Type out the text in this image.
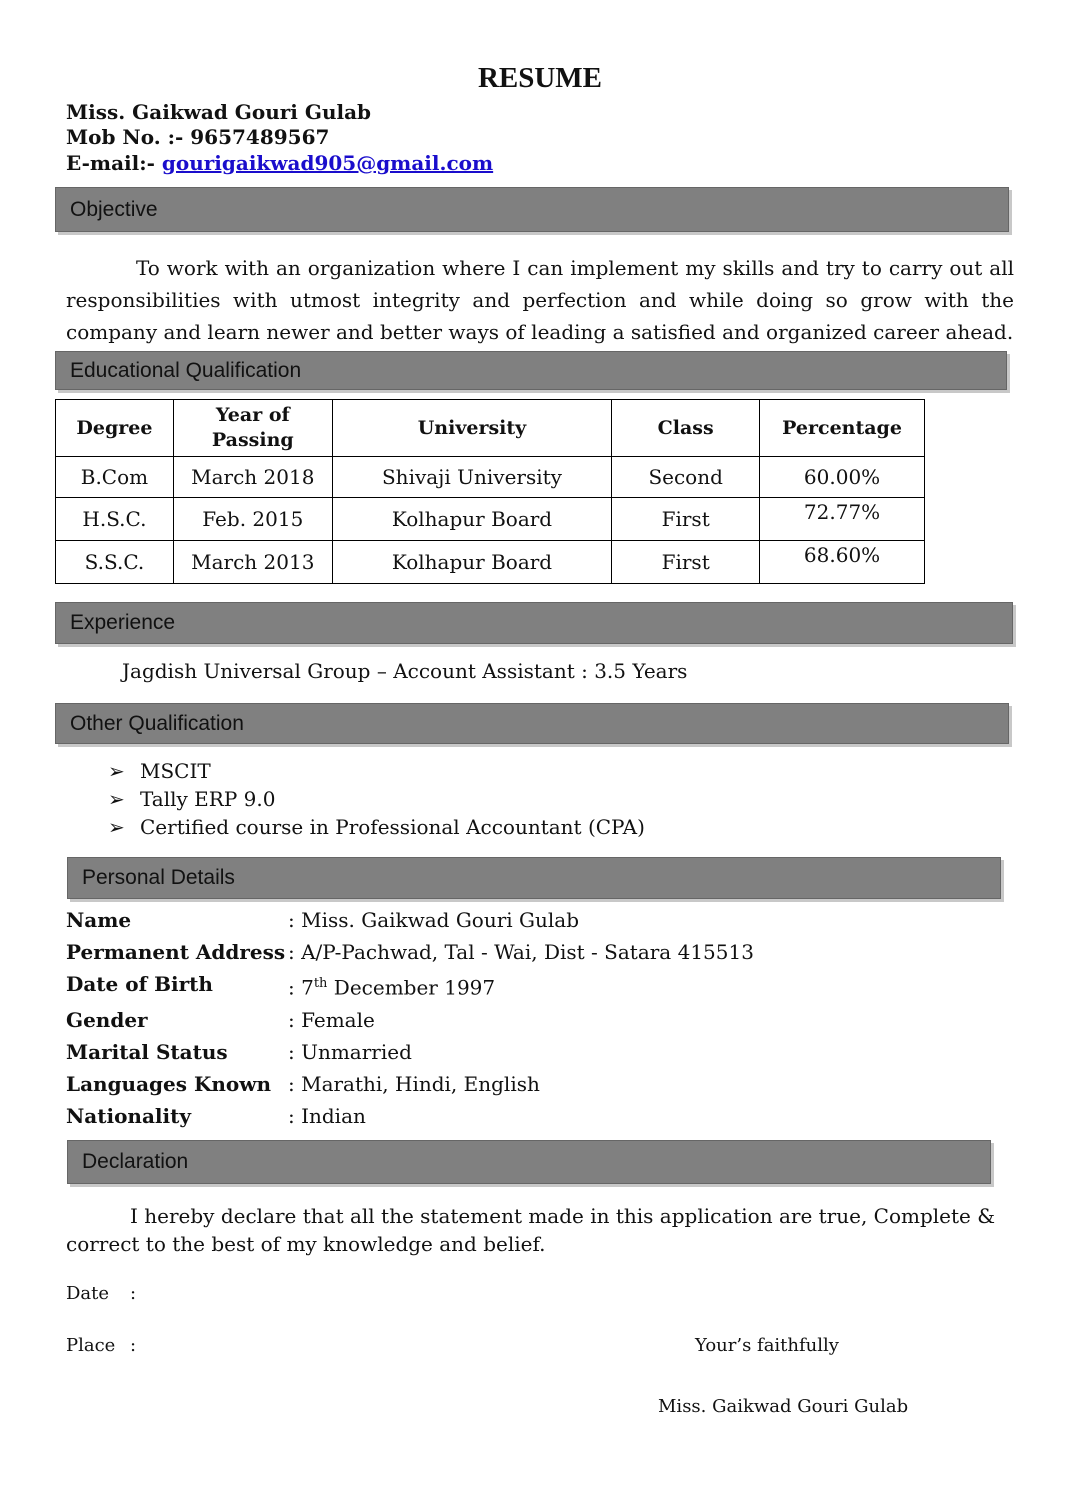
RESUME
Miss. Gaikwad Gouri Gulab
Mob No. :- 9657489567
E-mail:- gourigaikwad905@gmail.com
Objective
To work with an organization where I can implement my skills and try to carry out all responsibilities with utmost integrity and perfection and while doing so grow with the company and learn newer and better ways of leading a satisfied and organized career ahead.
Educational Qualification
Degree	Year of Passing	University	Class	Percentage
B.Com	March 2018	Shivaji University	Second	60.00%
H.S.C.	Feb. 2015	Kolhapur Board	First	72.77%
S.S.C.	March 2013	Kolhapur Board	First	68.60%
Experience
Jagdish Universal Group – Account Assistant : 3.5 Years
Other Qualification
➢ MSCIT
➢ Tally ERP 9.0
➢ Certified course in Professional Accountant (CPA)
Personal Details
Name	: Miss. Gaikwad Gouri Gulab
Permanent Address : A/P-Pachwad, Tal - Wai, Dist - Satara 415513
Date of Birth	: 7th December 1997
Gender	: Female
Marital Status	: Unmarried
Languages Known : Marathi, Hindi, English
Nationality	: Indian
Declaration
I hereby declare that all the statement made in this application are true, Complete & correct to the best of my knowledge and belief.
Date :
Place :	Your’s faithfully
Miss. Gaikwad Gouri Gulab
